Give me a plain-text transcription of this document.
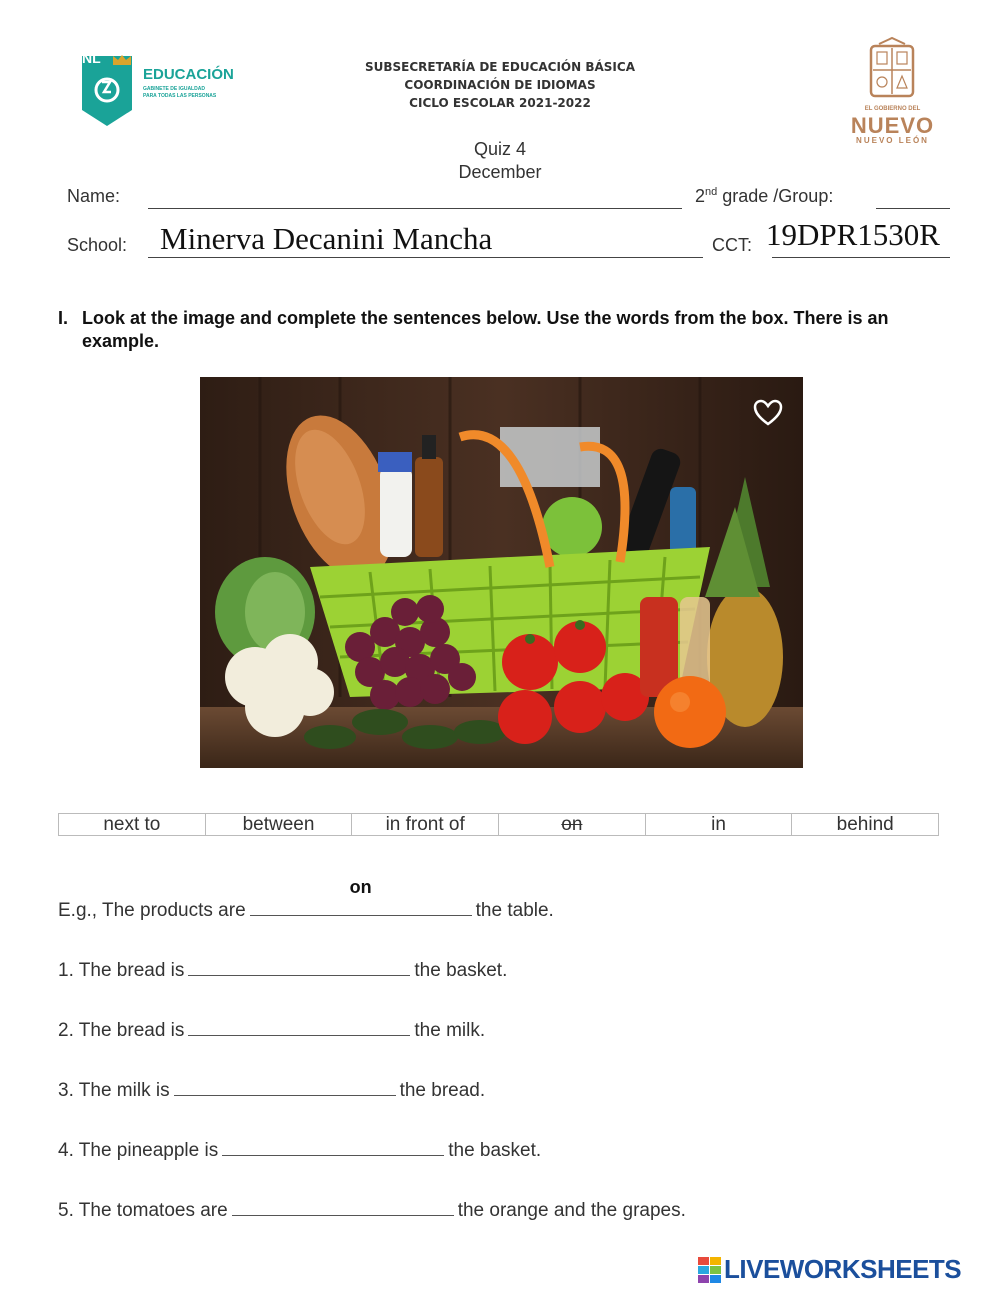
NL
EDUCACIÓN
GABINETE DE IGUALDAD
PARA TODAS LAS PERSONAS
SUBSECRETARÍA DE EDUCACIÓN BÁSICA
COORDINACIÓN DE IDIOMAS
CICLO ESCOLAR 2021-2022	EL GOBIERNO DEL
NUEVO
NUEVO LEÓN
Quiz 4
December
Name:	2nd grade /Group:
School: Minerva Decanini Mancha	CCT: 19DPR1530R
I. Look at the image and complete the sentences below. Use the words from the box. There is an example.
next to	between	in front of	on	in	behind
E.g., The products are
on
the table.
1. The bread is	the basket.
2. The bread is	the milk.
3. The milk is	the bread.
4. The pineapple is	the basket.
5. The tomatoes are	the orange and the grapes.
LIVEWORKSHEETS
